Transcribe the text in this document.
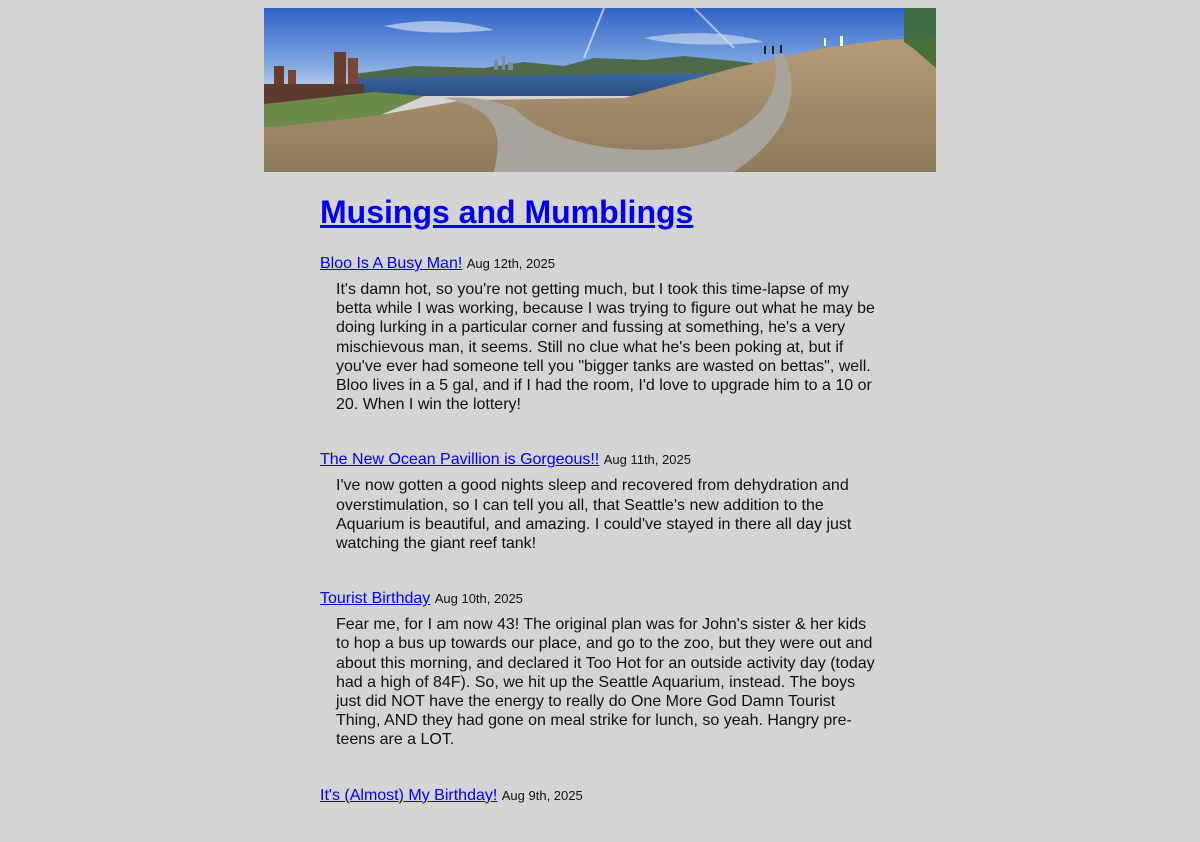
Musings and Mumblings
Bloo Is A Busy Man! Aug 12th, 2025

It's damn hot, so you're not getting much, but I took this time-lapse of my betta while I was working, because I was trying to figure out what he may be doing lurking in a particular corner and fussing at something, he's a very mischievous man, it seems. Still no clue what he's been poking at, but if you've ever had someone tell you "bigger tanks are wasted on bettas", well. Bloo lives in a 5 gal, and if I had the room, I'd love to upgrade him to a 10 or 20. When I win the lottery!

The New Ocean Pavillion is Gorgeous!! Aug 11th, 2025

I've now gotten a good nights sleep and recovered from dehydration and overstimulation, so I can tell you all, that Seattle's new addition to the Aquarium is beautiful, and amazing. I could've stayed in there all day just watching the giant reef tank!

Tourist Birthday Aug 10th, 2025

Fear me, for I am now 43! The original plan was for John's sister & her kids to hop a bus up towards our place, and go to the zoo, but they were out and about this morning, and declared it Too Hot for an outside activity day (today had a high of 84F). So, we hit up the Seattle Aquarium, instead. The boys just did NOT have the energy to really do One More God Damn Tourist Thing, AND they had gone on meal strike for lunch, so yeah. Hangry pre-teens are a LOT.

It's (Almost) My Birthday! Aug 9th, 2025
